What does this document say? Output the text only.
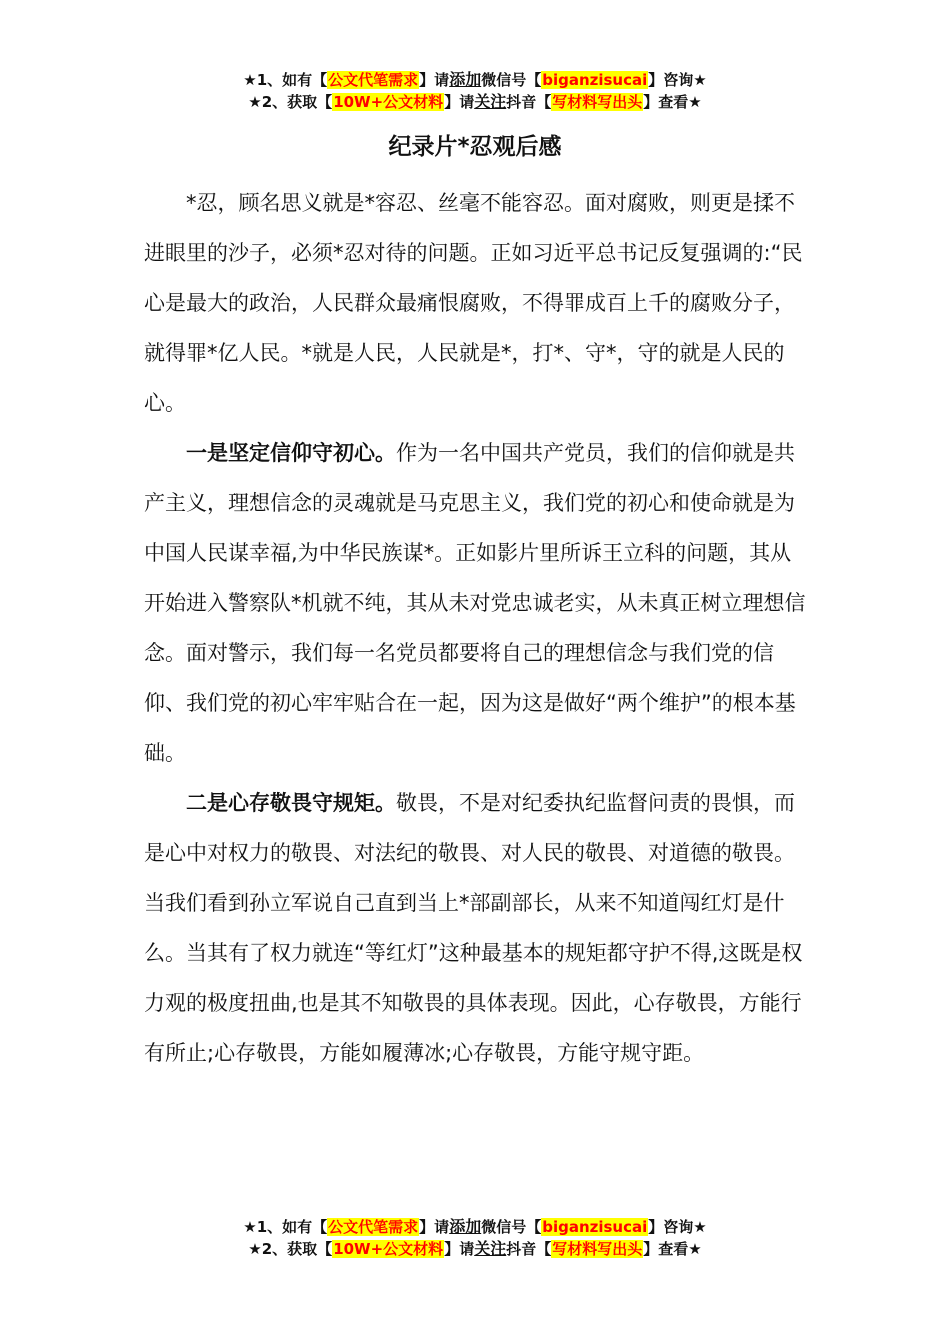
★1、如有【公文代笔需求】请添加微信号【biganzisucai】咨询★
★2、获取【10W+公文材料】请关注抖音【写材料写出头】查看★
纪录片*忍观后感

*忍，顾名思义就是*容忍、丝毫不能容忍。面对腐败，则更是揉不进眼里的沙子，必须*忍对待的问题。正如习近平总书记反复强调的:“民心是最大的政治，人民群众最痛恨腐败，不得罪成百上千的腐败分子，就得罪*亿人民。*就是人民，人民就是*，打*、守*，守的就是人民的心。

一是坚定信仰守初心。作为一名中国共产党员，我们的信仰就是共产主义，理想信念的灵魂就是马克思主义，我们党的初心和使命就是为中国人民谋幸福,为中华民族谋*。正如影片里所诉王立科的问题，其从开始进入警察队*机就不纯，其从未对党忠诚老实，从未真正树立理想信念。面对警示，我们每一名党员都要将自己的理想信念与我们党的信仰、我们党的初心牢牢贴合在一起，因为这是做好“两个维护”的根本基础。

二是心存敬畏守规矩。敬畏，不是对纪委执纪监督问责的畏惧，而是心中对权力的敬畏、对法纪的敬畏、对人民的敬畏、对道德的敬畏。当我们看到孙立军说自己直到当上*部副部长，从来不知道闯红灯是什么。当其有了权力就连“等红灯”这种最基本的规矩都守护不得,这既是权力观的极度扭曲,也是其不知敬畏的具体表现。因此，心存敬畏，方能行有所止;心存敬畏，方能如履薄冰;心存敬畏，方能守规守距。

★1、如有【公文代笔需求】请添加微信号【biganzisucai】咨询★
★2、获取【10W+公文材料】请关注抖音【写材料写出头】查看★
